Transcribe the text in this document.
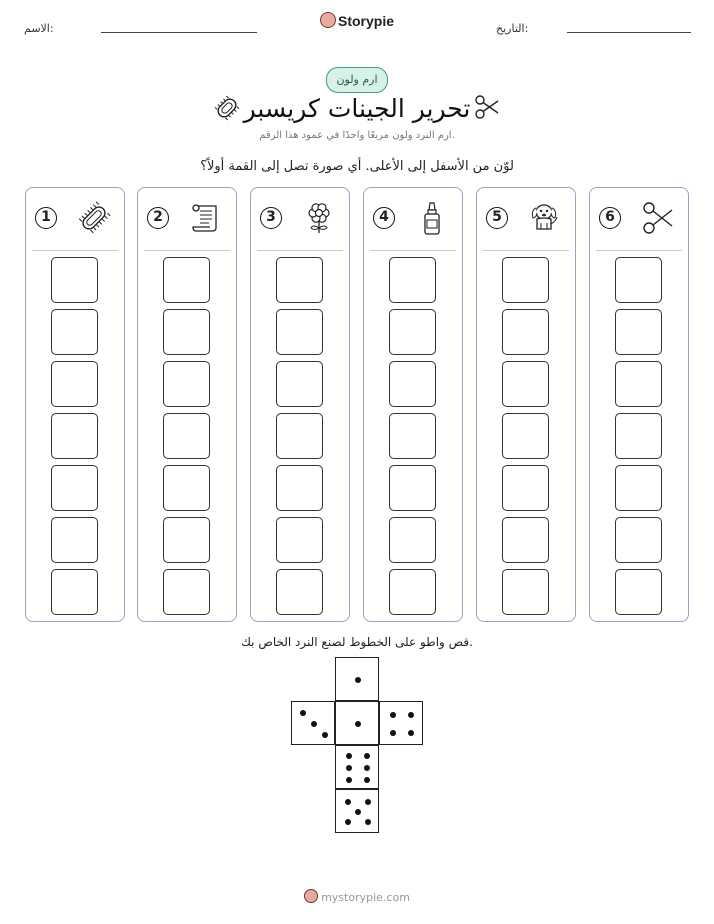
الاسم:	Storypie	التاريخ:
ارم ولون
تحرير الجينات كريسبر
ارم النرد ولون مربعًا واحدًا في عمود هذا الرقم.
لوّن من الأسفل إلى الأعلى. أي صورة تصل إلى القمة أولاً؟
1	2	3	4	5	6
قص واطو على الخطوط لصنع النرد الخاص بك.
mystorypie.com
